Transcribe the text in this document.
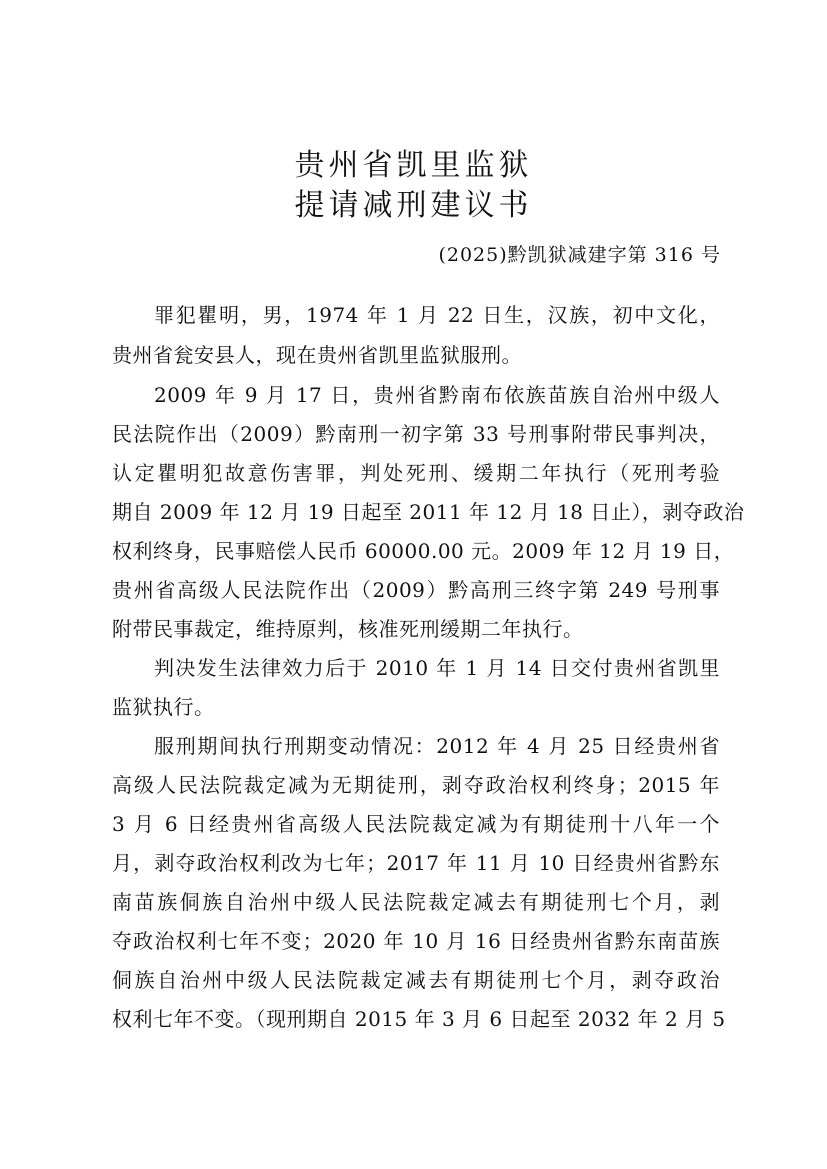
贵州省凯里监狱
提请减刑建议书
(2025)黔凯狱减建字第 316 号
罪犯瞿明，男，1974 年 1 月 22 日生，汉族，初中文化，
贵州省瓮安县人，现在贵州省凯里监狱服刑。
2009 年 9 月 17 日，贵州省黔南布依族苗族自治州中级人
民法院作出（2009）黔南刑一初字第 33 号刑事附带民事判决，
认定瞿明犯故意伤害罪，判处死刑、缓期二年执行（死刑考验
期自 2009 年 12 月 19 日起至 2011 年 12 月 18 日止），剥夺政治
权利终身，民事赔偿人民币 60000.00 元。2009 年 12 月 19 日，
贵州省高级人民法院作出（2009）黔高刑三终字第 249 号刑事
附带民事裁定，维持原判，核准死刑缓期二年执行。
判决发生法律效力后于 2010 年 1 月 14 日交付贵州省凯里
监狱执行。
服刑期间执行刑期变动情况：2012 年 4 月 25 日经贵州省
高级人民法院裁定减为无期徒刑，剥夺政治权利终身；2015 年
3 月 6 日经贵州省高级人民法院裁定减为有期徒刑十八年一个
月，剥夺政治权利改为七年；2017 年 11 月 10 日经贵州省黔东
南苗族侗族自治州中级人民法院裁定减去有期徒刑七个月，剥
夺政治权利七年不变；2020 年 10 月 16 日经贵州省黔东南苗族
侗族自治州中级人民法院裁定减去有期徒刑七个月，剥夺政治
权利七年不变。（现刑期自 2015 年 3 月 6 日起至 2032 年 2 月 5
